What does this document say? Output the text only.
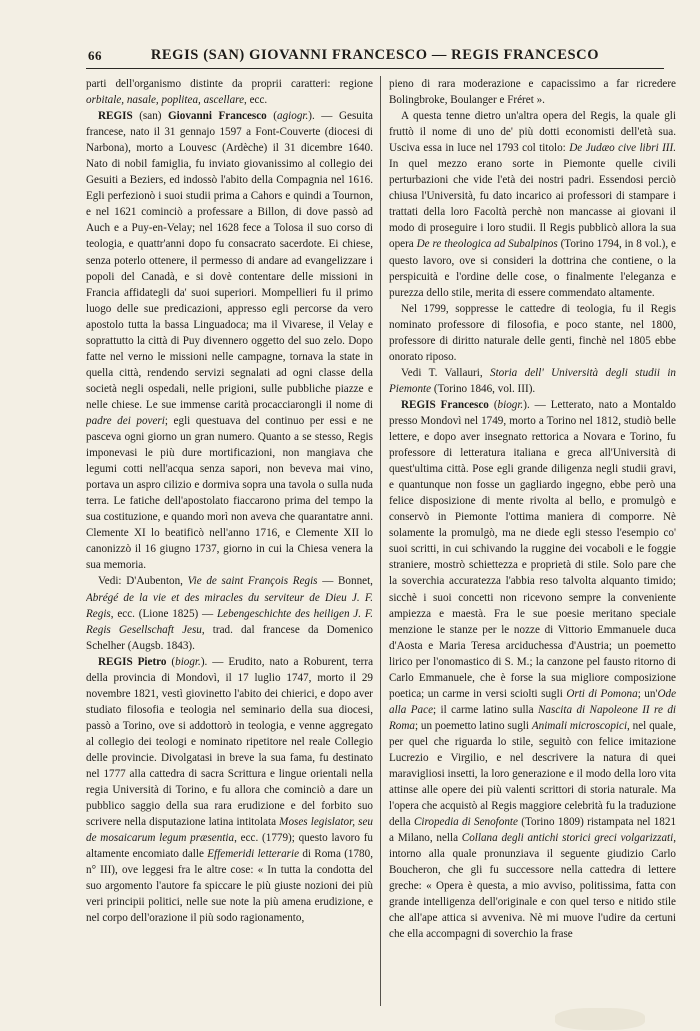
66	REGIS (SAN) GIOVANNI FRANCESCO — REGIS FRANCESCO

parti dell'organismo distinte da proprii caratteri: regione orbitale, nasale, poplitea, ascellare, ecc.

REGIS (san) Giovanni Francesco (agiogr.). — Gesuita francese, nato il 31 gennajo 1597 a Font-Couverte (diocesi di Narbona), morto a Louvesc (Ardèche) il 31 dicembre 1640. Nato di nobil famiglia, fu inviato giovanissimo al collegio dei Gesuiti a Beziers, ed indossò l'abito della Compagnia nel 1616. Egli perfezionò i suoi studii prima a Cahors e quindi a Tournon, e nel 1621 cominciò a professare a Billon, di dove passò ad Auch e a Puy-en-Velay; nel 1628 fece a Tolosa il suo corso di teologia, e quattr'anni dopo fu consacrato sacerdote. Ei chiese, senza poterlo ottenere, il permesso di andare ad evangelizzare i popoli del Canadà, e si dovè contentare delle missioni in Francia affidategli da' suoi superiori. Mompellieri fu il primo luogo delle sue predicazioni, appresso egli percorse da vero apostolo tutta la bassa Linguadoca; ma il Vivarese, il Velay e soprattutto la città di Puy divennero oggetto del suo zelo. Dopo fatte nel verno le missioni nelle campagne, tornava la state in quella città, rendendo servizi segnalati ad ogni classe della società negli ospedali, nelle prigioni, sulle pubbliche piazze e nelle chiese. Le sue immense carità procacciarongli il nome di padre dei poveri; egli questuava del continuo per essi e ne pasceva ogni giorno un gran numero. Quanto a se stesso, Regis imponevasi le più dure mortificazioni, non mangiava che legumi cotti nell'acqua senza sapori, non beveva mai vino, portava un aspro cilizio e dormiva sopra una tavola o sulla nuda terra. Le fatiche dell'apostolato fiaccarono prima del tempo la sua costituzione, e quando morì non aveva che quarantatre anni. Clemente XI lo beatificò nell'anno 1716, e Clemente XII lo canonizzò il 16 giugno 1737, giorno in cui la Chiesa venera la sua memoria.

Vedi: D'Aubenton, Vie de saint François Regis — Bonnet, Abrégé de la vie et des miracles du serviteur de Dieu J. F. Regis, ecc. (Lione 1825) — Lebengeschichte des heiligen J. F. Regis Gesellschaft Jesu, trad. dal francese da Domenico Schelher (Augsb. 1843).

REGIS Pietro (biogr.). — Erudito, nato a Roburent, terra della provincia di Mondovì, il 17 luglio 1747, morto il 29 novembre 1821, vestì giovinetto l'abito dei chierici, e dopo aver studiato filosofia e teologia nel seminario della sua diocesi, passò a Torino, ove si addottorò in teologia, e venne aggregato al collegio dei teologi e nominato ripetitore nel reale Collegio delle provincie. Divolgatasi in breve la sua fama, fu destinato nel 1777 alla cattedra di sacra Scrittura e lingue orientali nella regia Università di Torino, e fu allora che cominciò a dare un pubblico saggio della sua rara erudizione e del forbito suo scrivere nella disputazione latina intitolata Moses legislator, seu de mosaicarum legum præsentia, ecc. (1779); questo lavoro fu altamente encomiato dalle Effemeridi letterarie di Roma (1780, n° III), ove leggesi fra le altre cose: « In tutta la condotta del suo argomento l'autore fa spiccare le più giuste nozioni dei più veri principii politici, nelle sue note la più amena erudizione, e nel corpo dell'orazione il più sodo ragionamento,

pieno di rara moderazione e capacissimo a far ricredere Bolingbroke, Boulanger e Fréret ».

A questa tenne dietro un'altra opera del Regis, la quale gli fruttò il nome di uno de' più dotti economisti dell'età sua. Usciva essa in luce nel 1793 col titolo: De Judæo cive libri III. In quel mezzo erano sorte in Piemonte quelle civili perturbazioni che vide l'età dei nostri padri. Essendosi perciò chiusa l'Università, fu dato incarico ai professori di stampare i trattati della loro Facoltà perchè non mancasse ai giovani il modo di proseguire i loro studii. Il Regis pubblicò allora la sua opera De re theologica ad Subalpinos (Torino 1794, in 8 vol.), e questo lavoro, ove si consideri la dottrina che contiene, o la perspicuità e l'ordine delle cose, o finalmente l'eleganza e purezza dello stile, merita di essere commendato altamente.

Nel 1799, soppresse le cattedre di teologia, fu il Regis nominato professore di filosofia, e poco stante, nel 1800, professore di diritto naturale delle genti, finchè nel 1805 ebbe onorato riposo.

Vedi T. Vallauri, Storia dell' Università degli studii in Piemonte (Torino 1846, vol. III).

REGIS Francesco (biogr.). — Letterato, nato a Montaldo presso Mondovì nel 1749, morto a Torino nel 1812, studiò belle lettere, e dopo aver insegnato rettorica a Novara e Torino, fu professore di letteratura italiana e greca all'Università di quest'ultima città. Pose egli grande diligenza negli studii gravi, e quantunque non fosse un gagliardo ingegno, ebbe però una felice disposizione di mente rivolta al bello, e promulgò e conservò in Piemonte l'ottima maniera di comporre. Nè solamente la promulgò, ma ne diede egli stesso l'esempio co' suoi scritti, in cui schivando la ruggine dei vocaboli e le foggie straniere, mostrò schiettezza e proprietà di stile. Solo pare che la soverchia accuratezza l'abbia reso talvolta alquanto timido; sicchè i suoi concetti non ricevono sempre la conveniente ampiezza e maestà. Fra le sue poesie meritano speciale menzione le stanze per le nozze di Vittorio Emmanuele duca d'Aosta e Maria Teresa arciduchessa d'Austria; un poemetto lirico per l'onomastico di S. M.; la canzone pel fausto ritorno di Carlo Emmanuele, che è forse la sua migliore composizione poetica; un carme in versi sciolti sugli Orti di Pomona; un'Ode alla Pace; il carme latino sulla Nascita di Napoleone II re di Roma; un poemetto latino sugli Animali microscopici, nel quale, per quel che riguarda lo stile, seguitò con felice imitazione Lucrezio e Virgilio, e nel descrivere la natura di quei maravigliosi insetti, la loro generazione e il modo della loro vita attinse alle opere dei più valenti scrittori di storia naturale. Ma l'opera che acquistò al Regis maggiore celebrità fu la traduzione della Ciropedia di Senofonte (Torino 1809) ristampata nel 1821 a Milano, nella Collana degli antichi storici greci volgarizzati, intorno alla quale pronunziava il seguente giudizio Carlo Boucheron, che gli fu successore nella cattedra di lettere greche: « Opera è questa, a mio avviso, politissima, fatta con grande intelligenza dell'originale e con quel terso e nitido stile che all'ape attica si avveniva. Nè mi muove l'udire da certuni che ella accompagni di soverchio la frase
